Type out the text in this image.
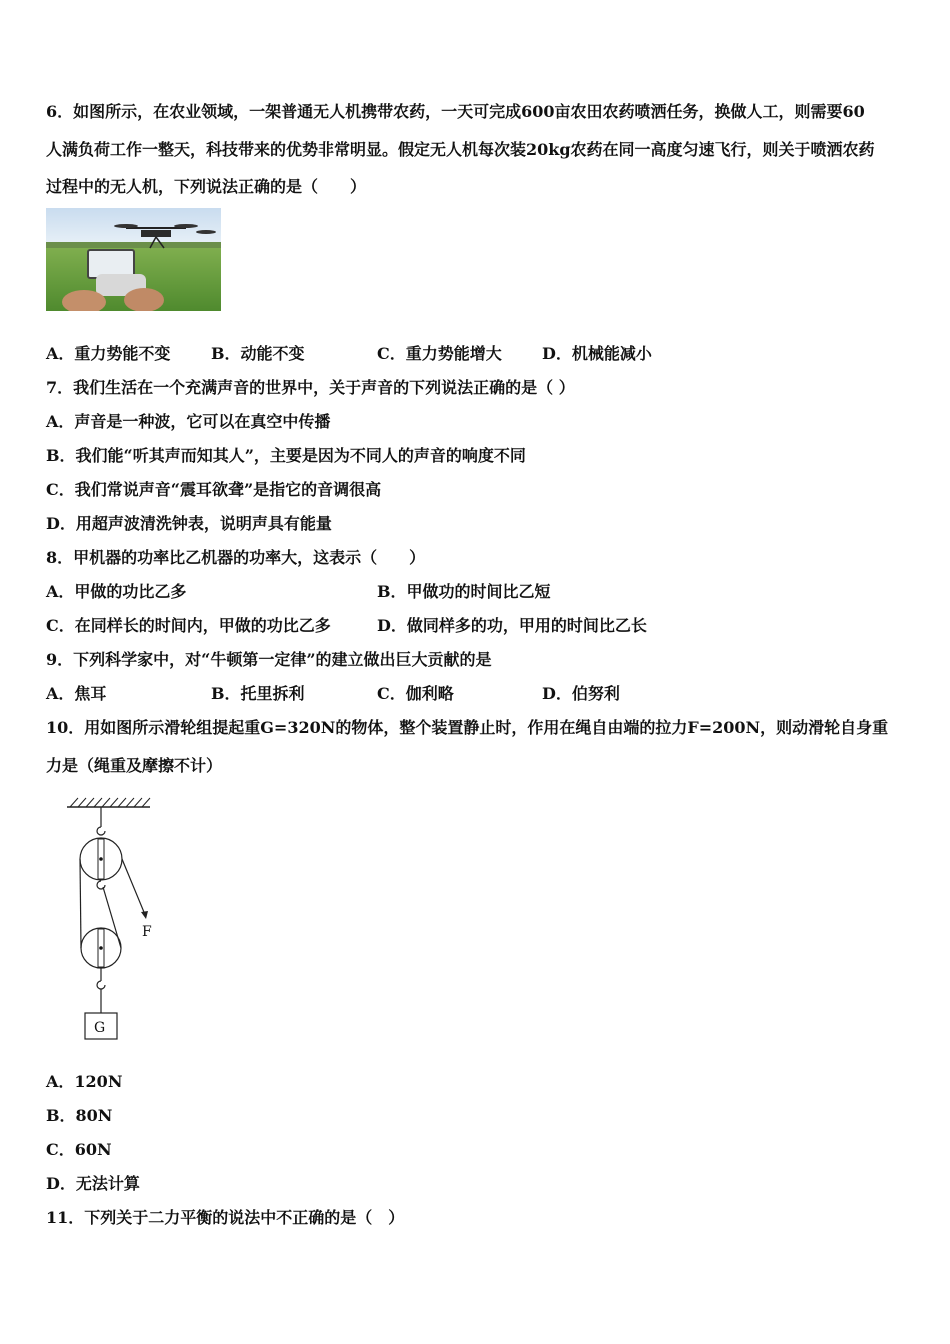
6．如图所示，在农业领域，一架普通无人机携带农药，一天可完成600亩农田农药喷洒任务，换做人工，则需要60
人满负荷工作一整天，科技带来的优势非常明显。假定无人机每次装20kg农药在同一高度匀速飞行，则关于喷洒农药
过程中的无人机，下列说法正确的是（　　）
A．重力势能不变	B．动能不变	C．重力势能增大	D．机械能减小
7．我们生活在一个充满声音的世界中，关于声音的下列说法正确的是（ ）
A．声音是一种波，它可以在真空中传播
B．我们能“听其声而知其人”，主要是因为不同人的声音的响度不同
C．我们常说声音“震耳欲聋”是指它的音调很高
D．用超声波清洗钟表，说明声具有能量
8．甲机器的功率比乙机器的功率大，这表示（　　）
A．甲做的功比乙多	B．甲做功的时间比乙短
C．在同样长的时间内，甲做的功比乙多	D．做同样多的功，甲用的时间比乙长
9．下列科学家中，对“牛顿第一定律”的建立做出巨大贡献的是
A．焦耳	B．托里拆利	C．伽利略	D．伯努利
10．用如图所示滑轮组提起重G=320N的物体，整个装置静止时，作用在绳自由端的拉力F=200N，则动滑轮自身重
力是（绳重及摩擦不计）
F
G
A．120N
B．80N
C．60N
D．无法计算
11．下列关于二力平衡的说法中不正确的是（　）
